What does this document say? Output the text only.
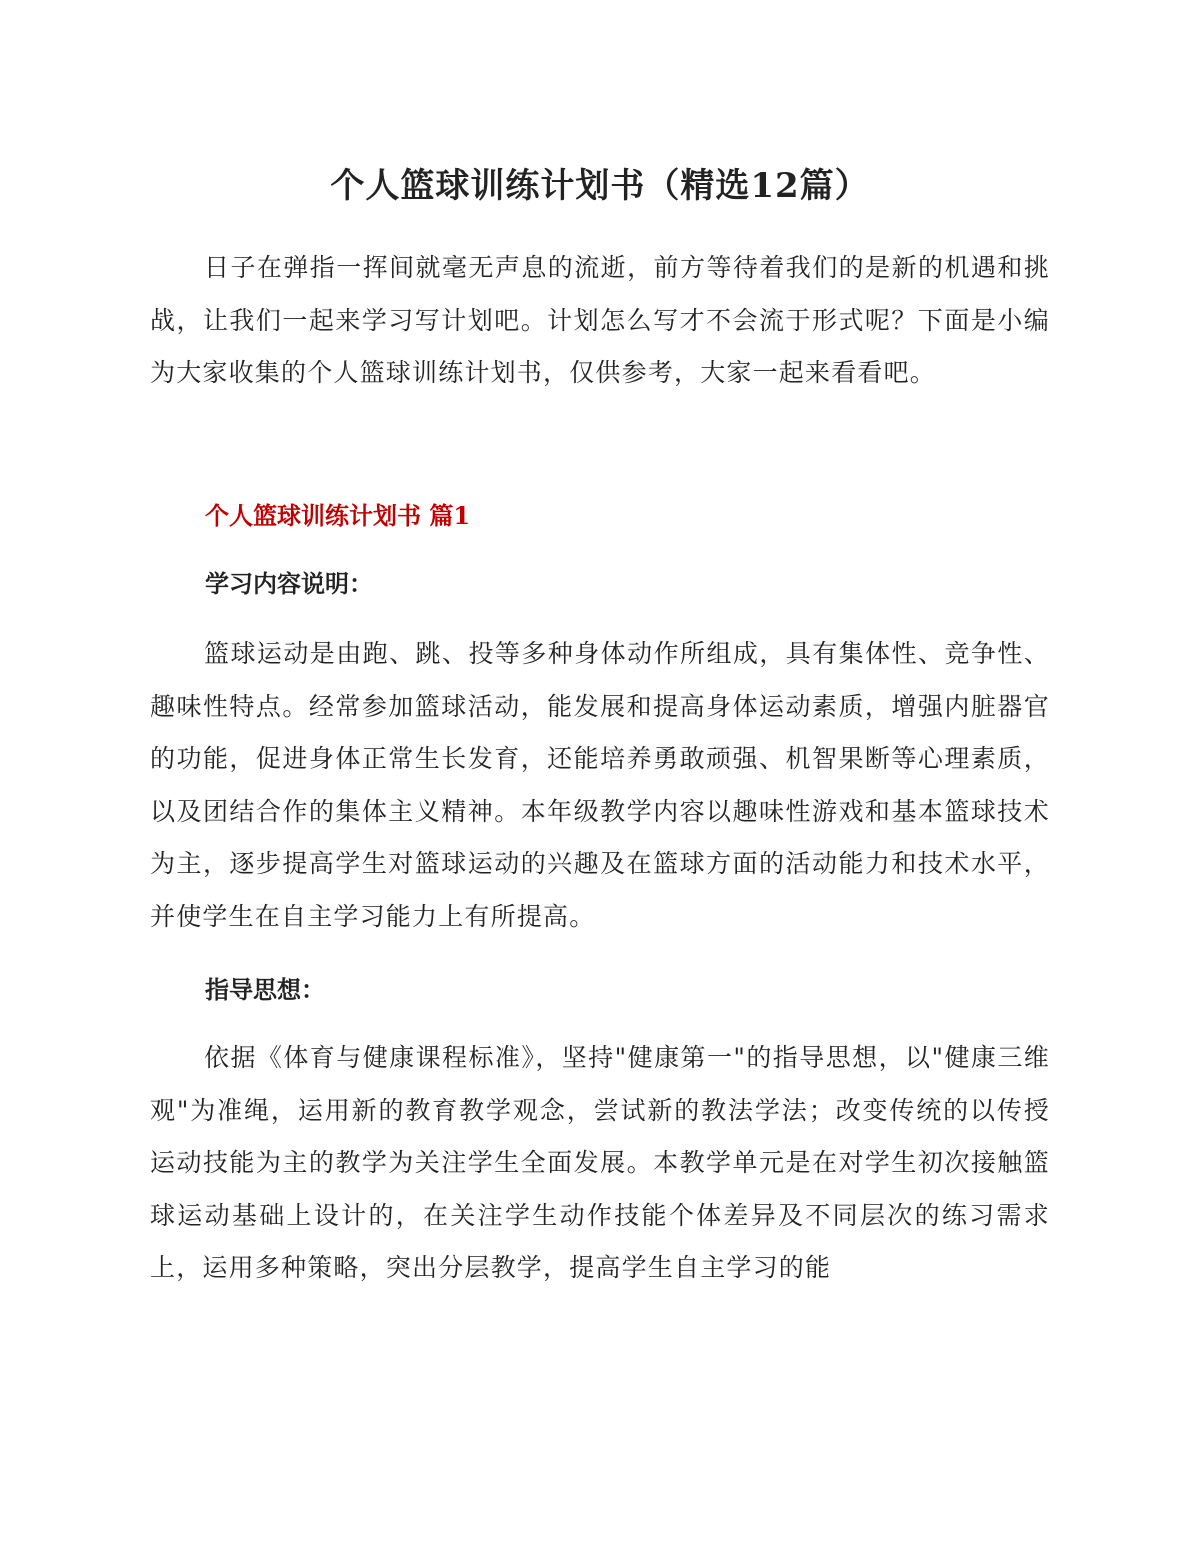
个人篮球训练计划书（精选12篇）

日子在弹指一挥间就毫无声息的流逝，前方等待着我们的是新的机遇和挑战，让我们一起来学习写计划吧。计划怎么写才不会流于形式呢？下面是小编为大家收集的个人篮球训练计划书，仅供参考，大家一起来看看吧。

个人篮球训练计划书 篇1
学习内容说明：

篮球运动是由跑、跳、投等多种身体动作所组成，具有集体性、竞争性、趣味性特点。经常参加篮球活动，能发展和提高身体运动素质，增强内脏器官的功能，促进身体正常生长发育，还能培养勇敢顽强、机智果断等心理素质，以及团结合作的集体主义精神。本年级教学内容以趣味性游戏和基本篮球技术为主，逐步提高学生对篮球运动的兴趣及在篮球方面的活动能力和技术水平，并使学生在自主学习能力上有所提高。

指导思想：

依据《体育与健康课程标准》，坚持"健康第一"的指导思想，以"健康三维观"为准绳，运用新的教育教学观念，尝试新的教法学法；改变传统的以传授运动技能为主的教学为关注学生全面发展。本教学单元是在对学生初次接触篮球运动基础上设计的，在关注学生动作技能个体差异及不同层次的练习需求上，运用多种策略，突出分层教学，提高学生自主学习的能
